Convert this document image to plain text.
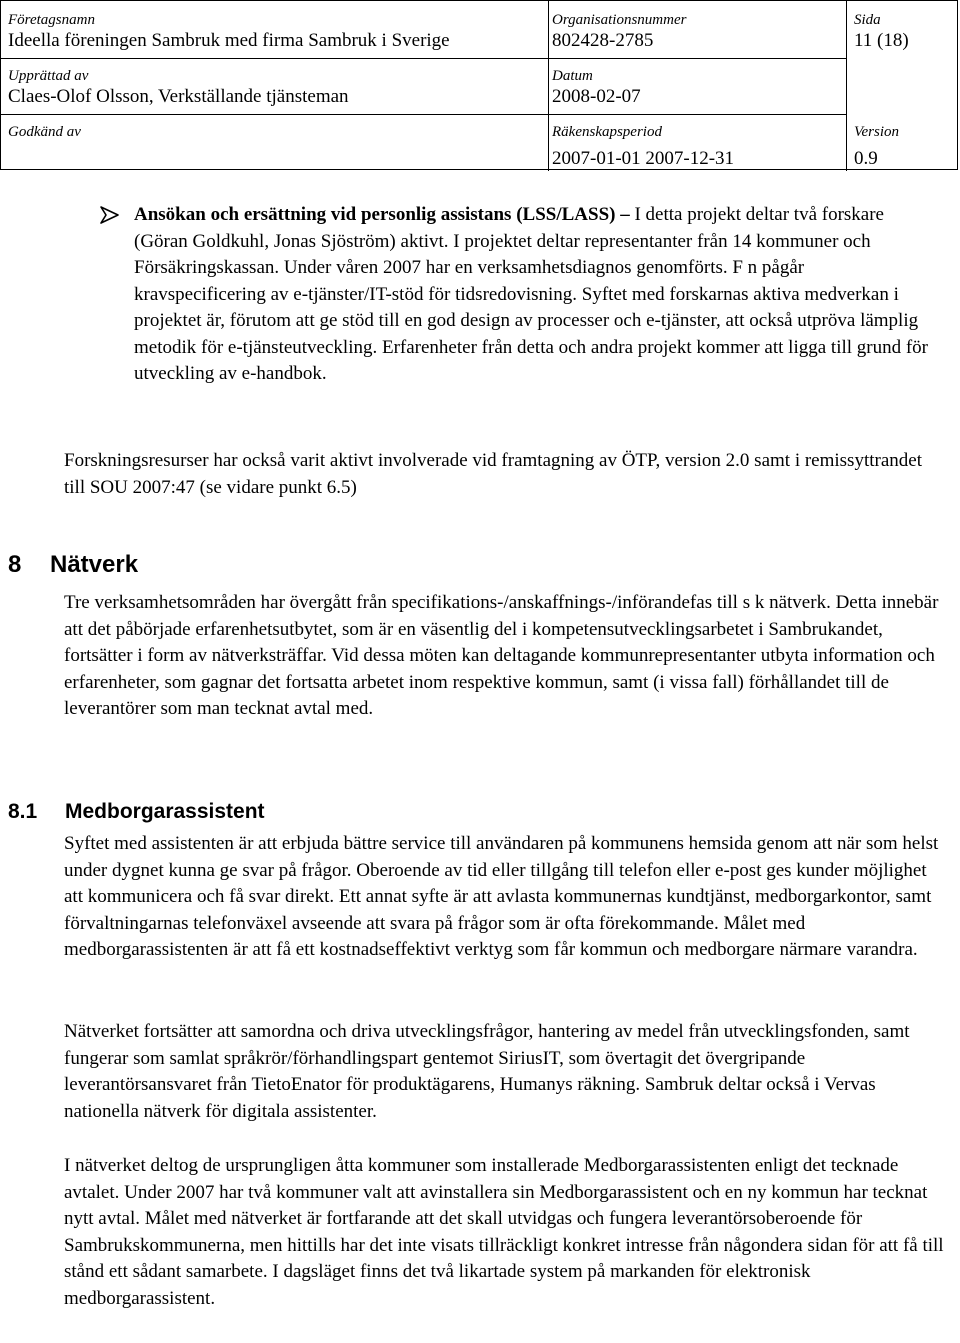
Företagsnamn
Ideella föreningen Sambruk med firma Sambruk i Sverige
Organisationsnummer
802428-2785
Sida
11 (18)
Upprättad av
Claes-Olof Olsson, Verkställande tjänsteman
Datum
2008-02-07
Godkänd av	Räkenskapsperiod
2007-01-01 2007-12-31
Version
0.9

Ansökan och ersättning vid personlig assistans (LSS/LASS) – I detta projekt deltar två forskare (Göran Goldkuhl, Jonas Sjöström) aktivt. I projektet deltar representanter från 14 kommuner och Försäkringskassan. Under våren 2007 har en verksamhetsdiagnos genomförts. F n pågår kravspecificering av e-tjänster/IT-stöd för tidsredovisning. Syftet med forskarnas aktiva medverkan i projektet är, förutom att ge stöd till en god design av processer och e-tjänster, att också utpröva lämplig metodik för e-tjänsteutveckling. Erfarenheter från detta och andra projekt kommer att ligga till grund för utveckling av e-handbok.

Forskningsresurser har också varit aktivt involverade vid framtagning av ÖTP, version 2.0 samt i remissyttrandet till SOU 2007:47 (se vidare punkt 6.5)

8 Nätverk

Tre verksamhetsområden har övergått från specifikations-/anskaffnings-/införandefas till s k nätverk. Detta innebär att det påbörjade erfarenhetsutbytet, som är en väsentlig del i kompetensutvecklingsarbetet i Sambrukandet, fortsätter i form av nätverksträffar. Vid dessa möten kan deltagande kommunrepresentanter utbyta information och erfarenheter, som gagnar det fortsatta arbetet inom respektive kommun, samt (i vissa fall) förhållandet till de leverantörer som man tecknat avtal med.

8.1 Medborgarassistent

Syftet med assistenten är att erbjuda bättre service till användaren på kommunens hemsida genom att när som helst under dygnet kunna ge svar på frågor. Oberoende av tid eller tillgång till telefon eller e-post ges kunder möjlighet att kommunicera och få svar direkt. Ett annat syfte är att avlasta kommunernas kundtjänst, medborgarkontor, samt förvaltningarnas telefonväxel avseende att svara på frågor som är ofta förekommande. Målet med medborgarassistenten är att få ett kostnadseffektivt verktyg som får kommun och medborgare närmare varandra.

Nätverket fortsätter att samordna och driva utvecklingsfrågor, hantering av medel från utvecklingsfonden, samt fungerar som samlat språkrör/förhandlingspart gentemot SiriusIT, som övertagit det övergripande leverantörsansvaret från TietoEnator för produktägarens, Humanys räkning. Sambruk deltar också i Vervas nationella nätverk för digitala assistenter.

I nätverket deltog de ursprungligen åtta kommuner som installerade Medborgarassistenten enligt det tecknade avtalet. Under 2007 har två kommuner valt att avinstallera sin Medborgarassistent och en ny kommun har tecknat nytt avtal. Målet med nätverket är fortfarande att det skall utvidgas och fungera leverantörsoberoende för Sambrukskommunerna, men hittills har det inte visats tillräckligt konkret intresse från någondera sidan för att få till stånd ett sådant samarbete. I dagsläget finns det två likartade system på markanden för elektronisk medborgarassistent.
